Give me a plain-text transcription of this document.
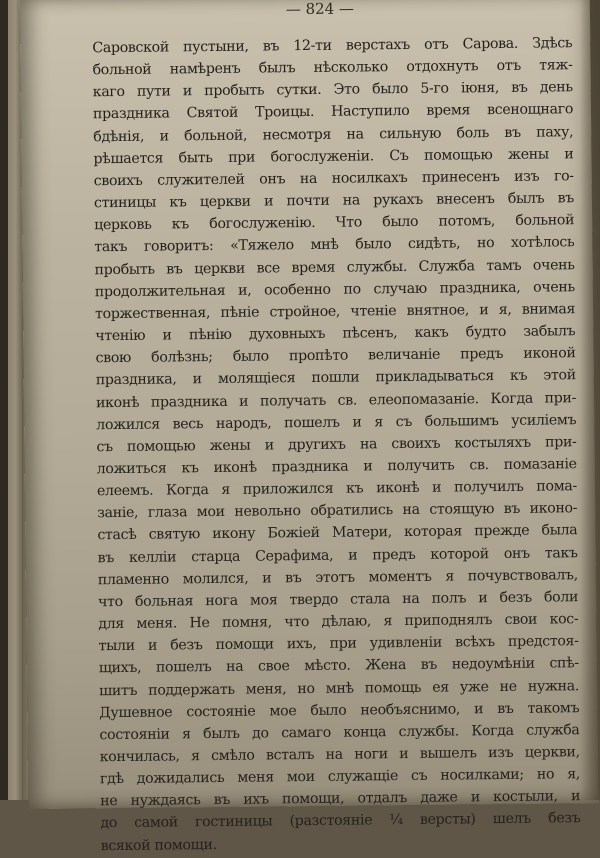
— 824 —
Саровской пустыни, въ 12-ти верстахъ отъ Сарова. Здѣсь
больной намѣренъ былъ нѣсколько отдохнуть отъ тяж-
каго пути и пробыть сутки. Это было 5-го іюня, въ день
праздника Святой Троицы. Наступило время всенощнаго
бдѣнія, и больной, несмотря на сильную боль въ паху,
рѣшается быть при богослуженіи. Съ помощью жены и
своихъ служителей онъ на носилкахъ принесенъ изъ го-
стиницы къ церкви и почти на рукахъ внесенъ былъ въ
церковь къ богослуженію. Что было потомъ, больной
такъ говоритъ: «Тяжело мнѣ было сидѣть, но хотѣлось
пробыть въ церкви все время службы. Служба тамъ очень
продолжительная и, особенно по случаю праздника, очень
торжественная, пѣніе стройное, чтеніе внятное, и я, внимая
чтенію и пѣнію духовныхъ пѣсенъ, какъ будто забылъ
свою болѣзнь; было пропѣто величаніе предъ иконой
праздника, и молящіеся пошли прикладываться къ этой
иконѣ праздника и получать св. елеопомазаніе. Когда при-
ложился весь народъ, пошелъ и я съ большимъ усиліемъ
съ помощью жены и другихъ на своихъ костыляхъ при-
ложиться къ иконѣ праздника и получить св. помазаніе
елеемъ. Когда я приложился къ иконѣ и получилъ пома-
заніе, глаза мои невольно обратились на стоящую въ иконо-
стасѣ святую икону Божіей Матери, которая прежде была
въ келліи старца Серафима, и предъ которой онъ такъ
пламенно молился, и въ этотъ моментъ я почувствовалъ,
что больная нога моя твердо стала на полъ и безъ боли
для меня. Не помня, что дѣлаю, я приподнялъ свои кос-
тыли и безъ помощи ихъ, при удивленіи всѣхъ предстоя-
щихъ, пошелъ на свое мѣсто. Жена въ недоумѣніи спѣ-
шитъ поддержать меня, но мнѣ помощь ея уже не нужна.
Душевное состояніе мое было необъяснимо, и въ такомъ
состояніи я былъ до самаго конца службы. Когда служба
кончилась, я смѣло всталъ на ноги и вышелъ изъ церкви,
гдѣ дожидались меня мои служащіе съ носилками; но я,
не нуждаясь въ ихъ помощи, отдалъ даже и костыли, и
до самой гостиницы (разстояніе ¼ версты) шелъ безъ
всякой помощи.
